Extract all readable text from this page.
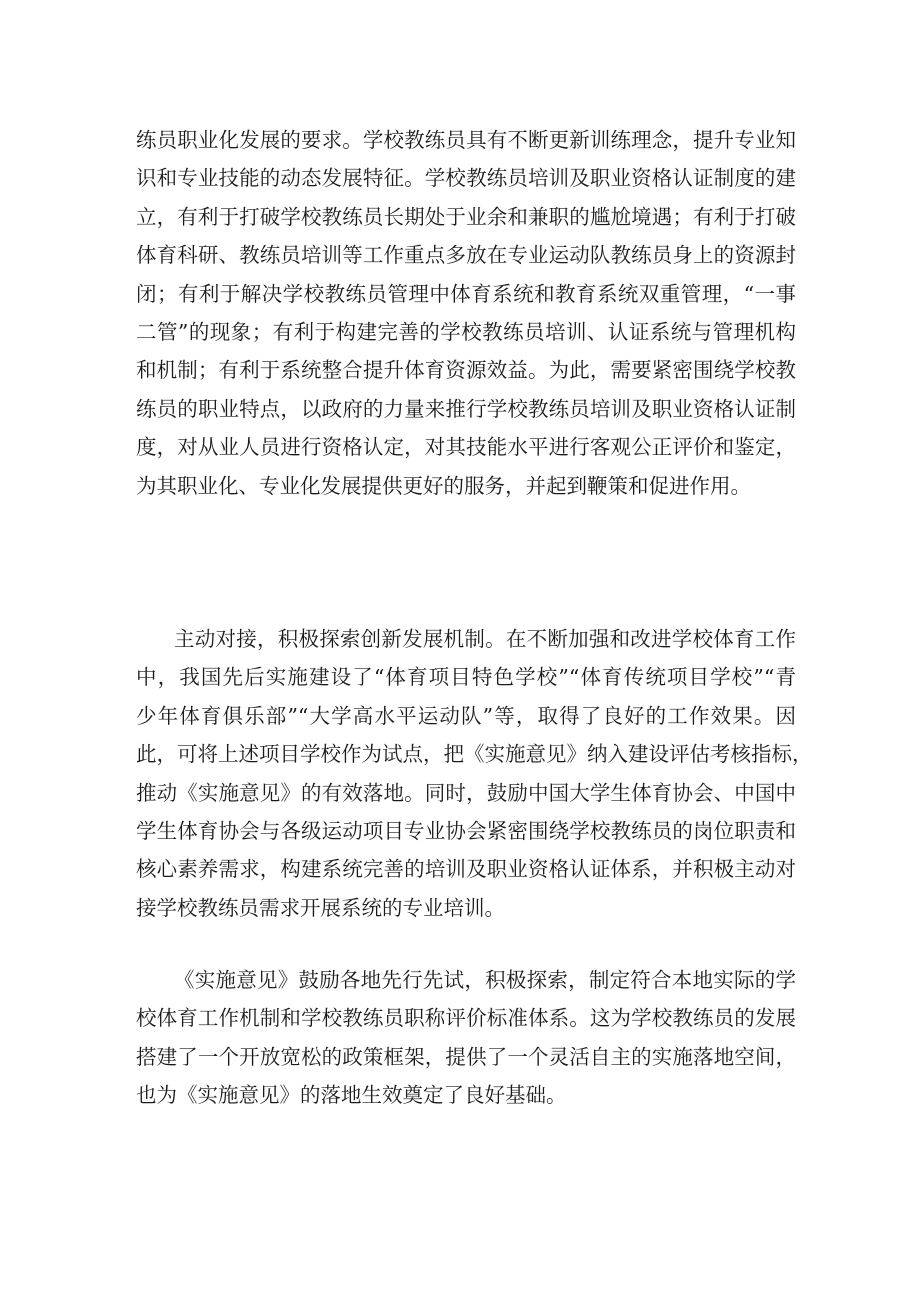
练员职业化发展的要求。学校教练员具有不断更新训练理念，提升专业知
识和专业技能的动态发展特征。学校教练员培训及职业资格认证制度的建
立，有利于打破学校教练员长期处于业余和兼职的尴尬境遇；有利于打破
体育科研、教练员培训等工作重点多放在专业运动队教练员身上的资源封
闭；有利于解决学校教练员管理中体育系统和教育系统双重管理，“一事
二管”的现象；有利于构建完善的学校教练员培训、认证系统与管理机构
和机制；有利于系统整合提升体育资源效益。为此，需要紧密围绕学校教
练员的职业特点，以政府的力量来推行学校教练员培训及职业资格认证制
度，对从业人员进行资格认定，对其技能水平进行客观公正评价和鉴定，
为其职业化、专业化发展提供更好的服务，并起到鞭策和促进作用。
主动对接，积极探索创新发展机制。在不断加强和改进学校体育工作
中，我国先后实施建设了“体育项目特色学校”“体育传统项目学校”“青
少年体育俱乐部”“大学高水平运动队”等，取得了良好的工作效果。因
此，可将上述项目学校作为试点，把《实施意见》纳入建设评估考核指标，
推动《实施意见》的有效落地。同时，鼓励中国大学生体育协会、中国中
学生体育协会与各级运动项目专业协会紧密围绕学校教练员的岗位职责和
核心素养需求，构建系统完善的培训及职业资格认证体系，并积极主动对
接学校教练员需求开展系统的专业培训。
《实施意见》鼓励各地先行先试，积极探索，制定符合本地实际的学
校体育工作机制和学校教练员职称评价标准体系。这为学校教练员的发展
搭建了一个开放宽松的政策框架，提供了一个灵活自主的实施落地空间，
也为《实施意见》的落地生效奠定了良好基础。
